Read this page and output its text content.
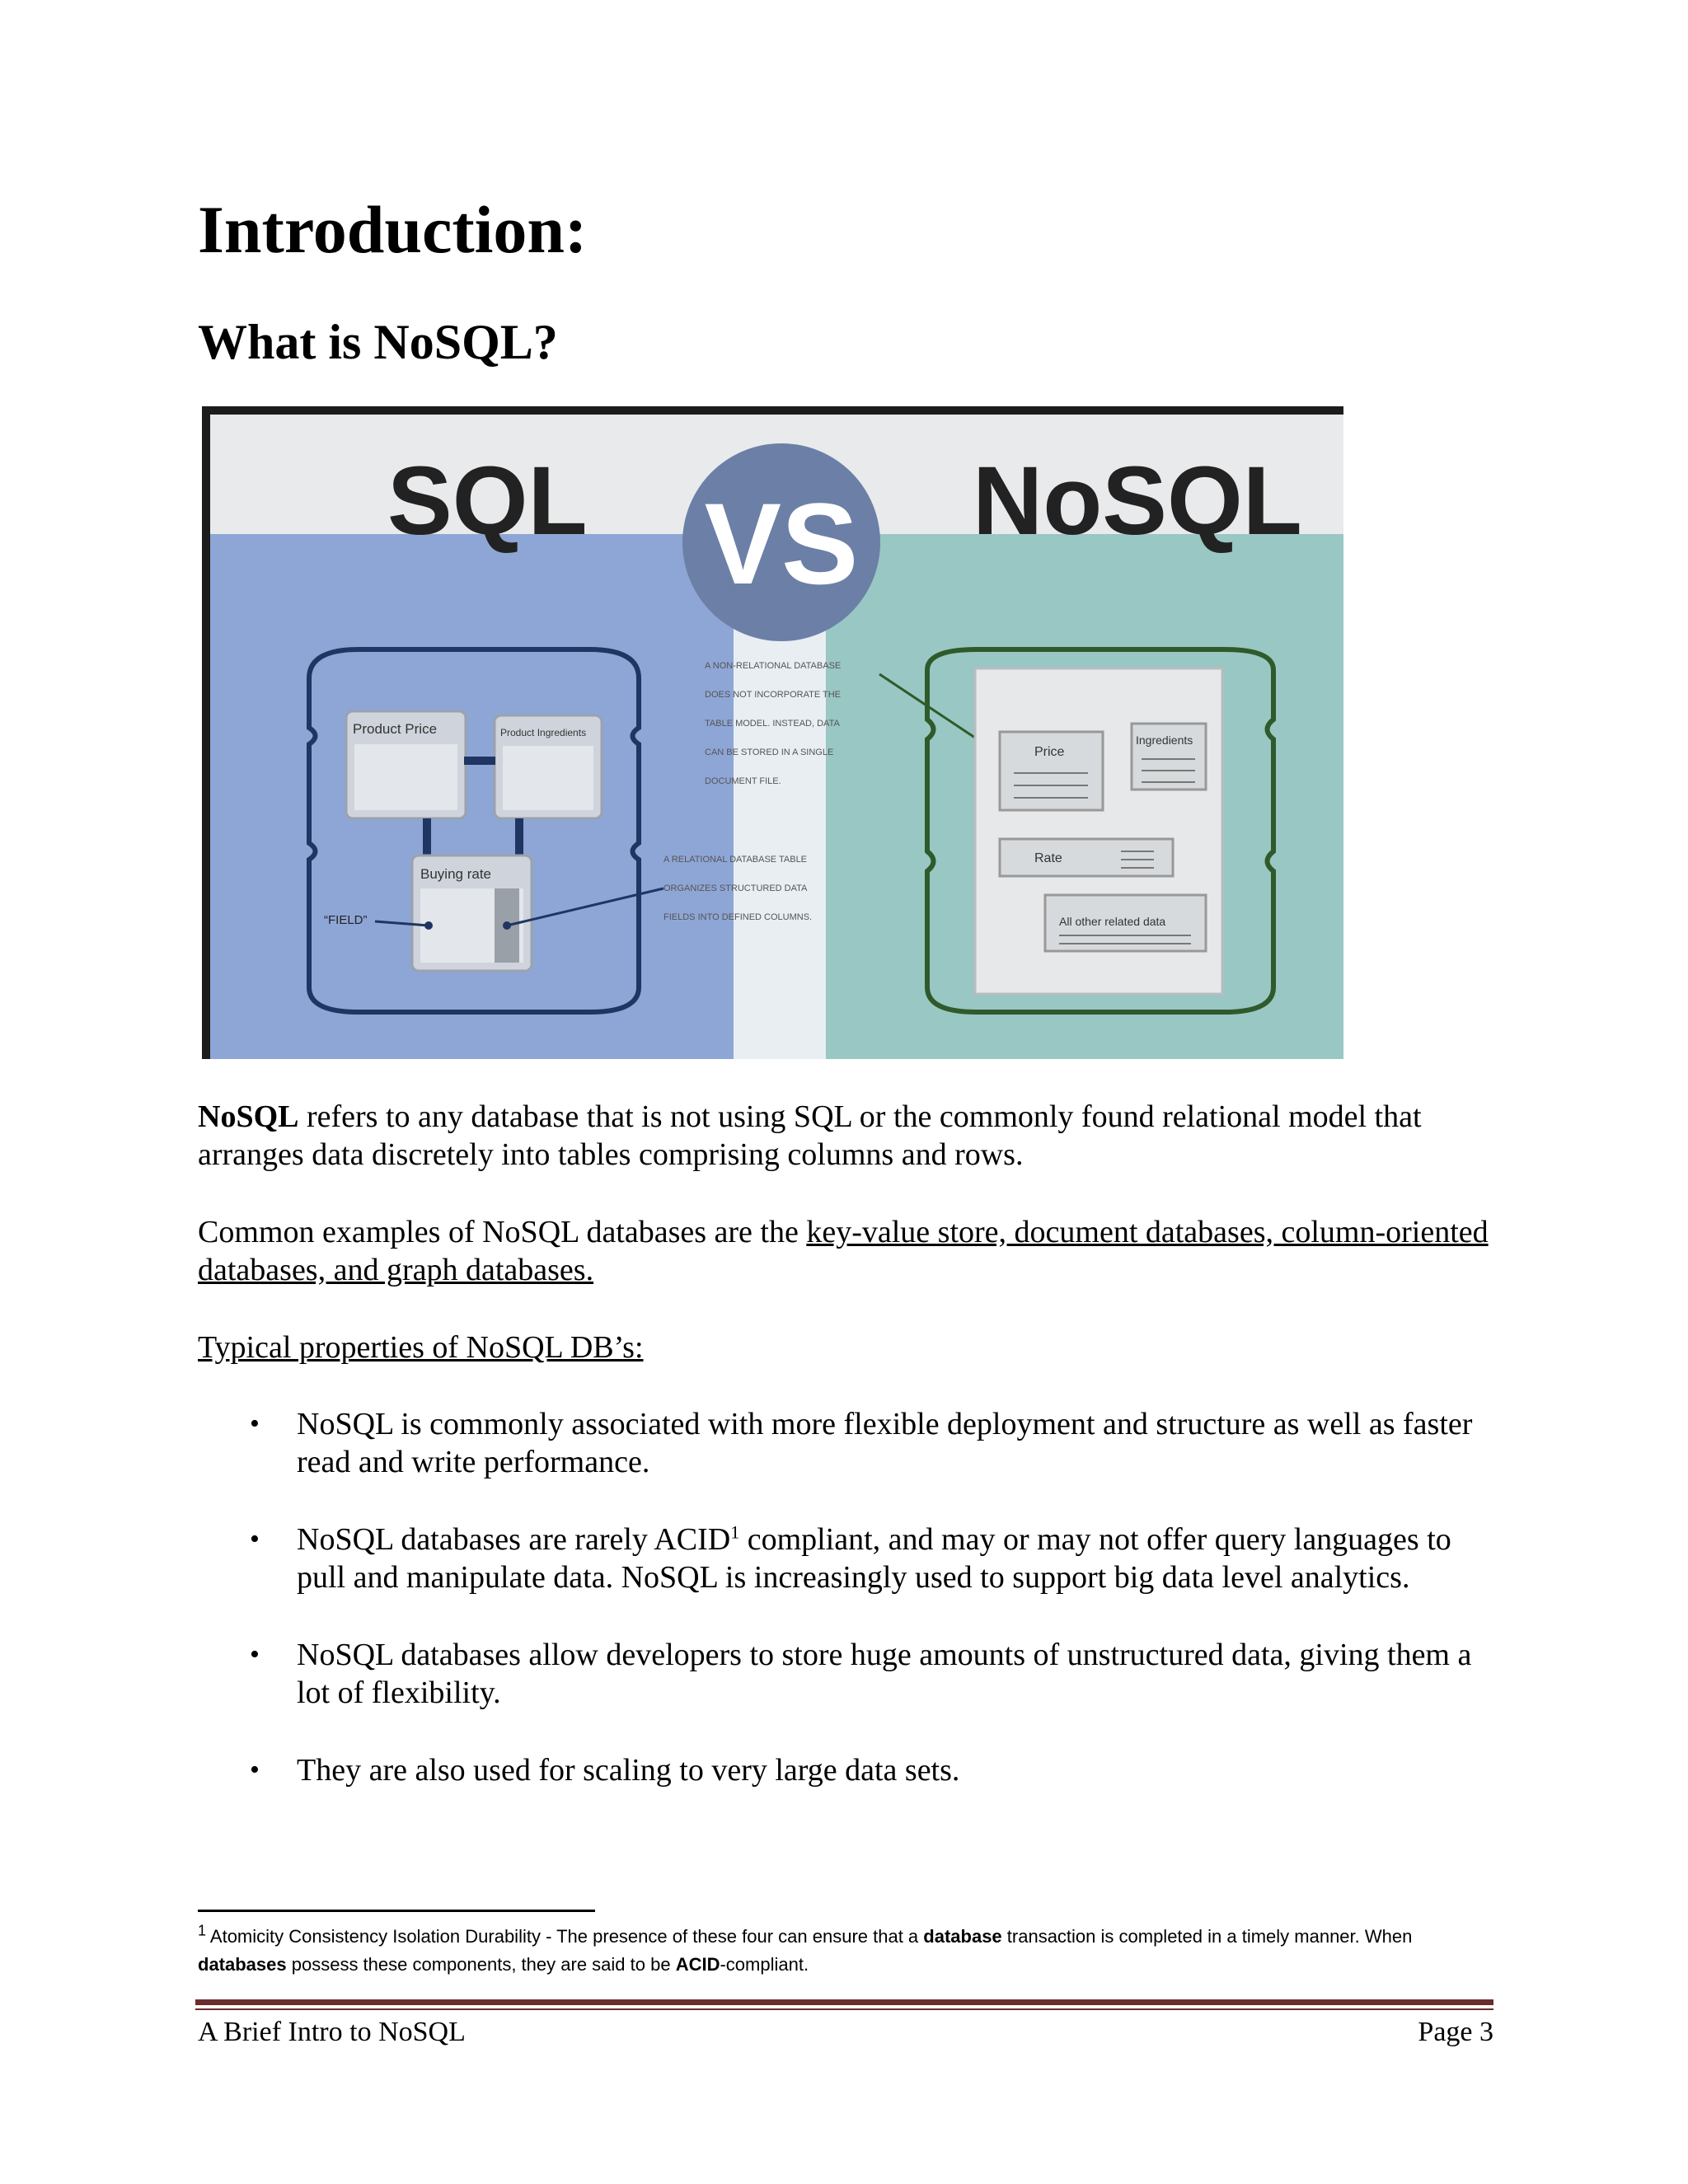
Introduction:
What is NoSQL?
SQL	NoSQL
VS
Product Price	Product Ingredients
Buying rate
“FIELD”
A NON-RELATIONAL DATABASE
DOES NOT INCORPORATE THE
TABLE MODEL. INSTEAD, DATA
CAN BE STORED IN A SINGLE
DOCUMENT FILE.
A RELATIONAL DATABASE TABLE
ORGANIZES STRUCTURED DATA
FIELDS INTO DEFINED COLUMNS.
Price
Ingredients
Rate
All other related data

NoSQL refers to any database that is not using SQL or the commonly found relational model that arranges data discretely into tables comprising columns and rows.

Common examples of NoSQL databases are the key-value store, document databases, column-oriented databases, and graph databases.

Typical properties of NoSQL DB’s:

• NoSQL is commonly associated with more flexible deployment and structure as well as faster read and write performance.
• NoSQL databases are rarely ACID$^1$ compliant, and may or may not offer query languages to pull and manipulate data. NoSQL is increasingly used to support big data level analytics.
• NoSQL databases allow developers to store huge amounts of unstructured data, giving them a lot of flexibility.
• They are also used for scaling to very large data sets.

$^1$ Atomicity Consistency Isolation Durability - The presence of these four can ensure that a database transaction is completed in a timely manner. When databases possess these components, they are said to be ACID-compliant.

A Brief Intro to NoSQL	Page 3
